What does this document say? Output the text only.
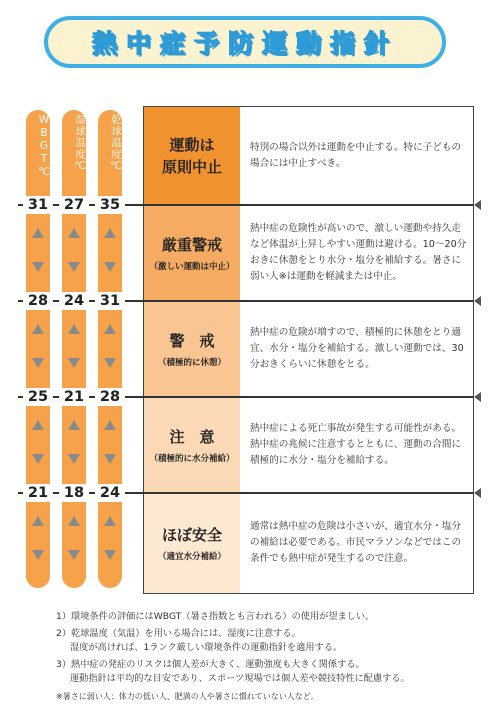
熱中症予防運動指針
WBGT℃	湿球温度℃	乾球温度℃	運動は
原則中止
特別の場合以外は運動を中止する。特に子どもの場合には中止すべき。
厳重警戒
（激しい運動は中止）
熱中症の危険性が高いので、激しい運動や持久走など体温が上昇しやすい運動は避ける。10〜20分おきに休憩をとり水分・塩分を補給する。暑さに弱い人※は運動を軽減または中止。
警　戒
（積極的に休憩）
熱中症の危険が増すので、積極的に休憩をとり適宜、水分・塩分を補給する。激しい運動では、30分おきくらいに休憩をとる。
注　意
（積極的に水分補給）
熱中症による死亡事故が発生する可能性がある。熱中症の兆候に注意するとともに、運動の合間に積極的に水分・塩分を補給する。
ほぼ安全
（適宜水分補給）
通常は熱中症の危険は小さいが、適宜水分・塩分の補給は必要である。市民マラソンなどではこの条件でも熱中症が発生するので注意。
31	27	35
28	24	31
25	21	28
21	18	24
1）環境条件の評価にはWBGT（暑さ指数とも言われる）の使用が望ましい。
2）乾球温度（気温）を用いる場合には、湿度に注意する。
湿度が高ければ、1ランク厳しい環境条件の運動指針を適用する。
3）熱中症の発症のリスクは個人差が大きく、運動強度も大きく関係する。
運動指針は平均的な目安であり、スポーツ現場では個人差や競技特性に配慮する。
※暑さに弱い人：体力の低い人、肥満の人や暑さに慣れていない人など。
